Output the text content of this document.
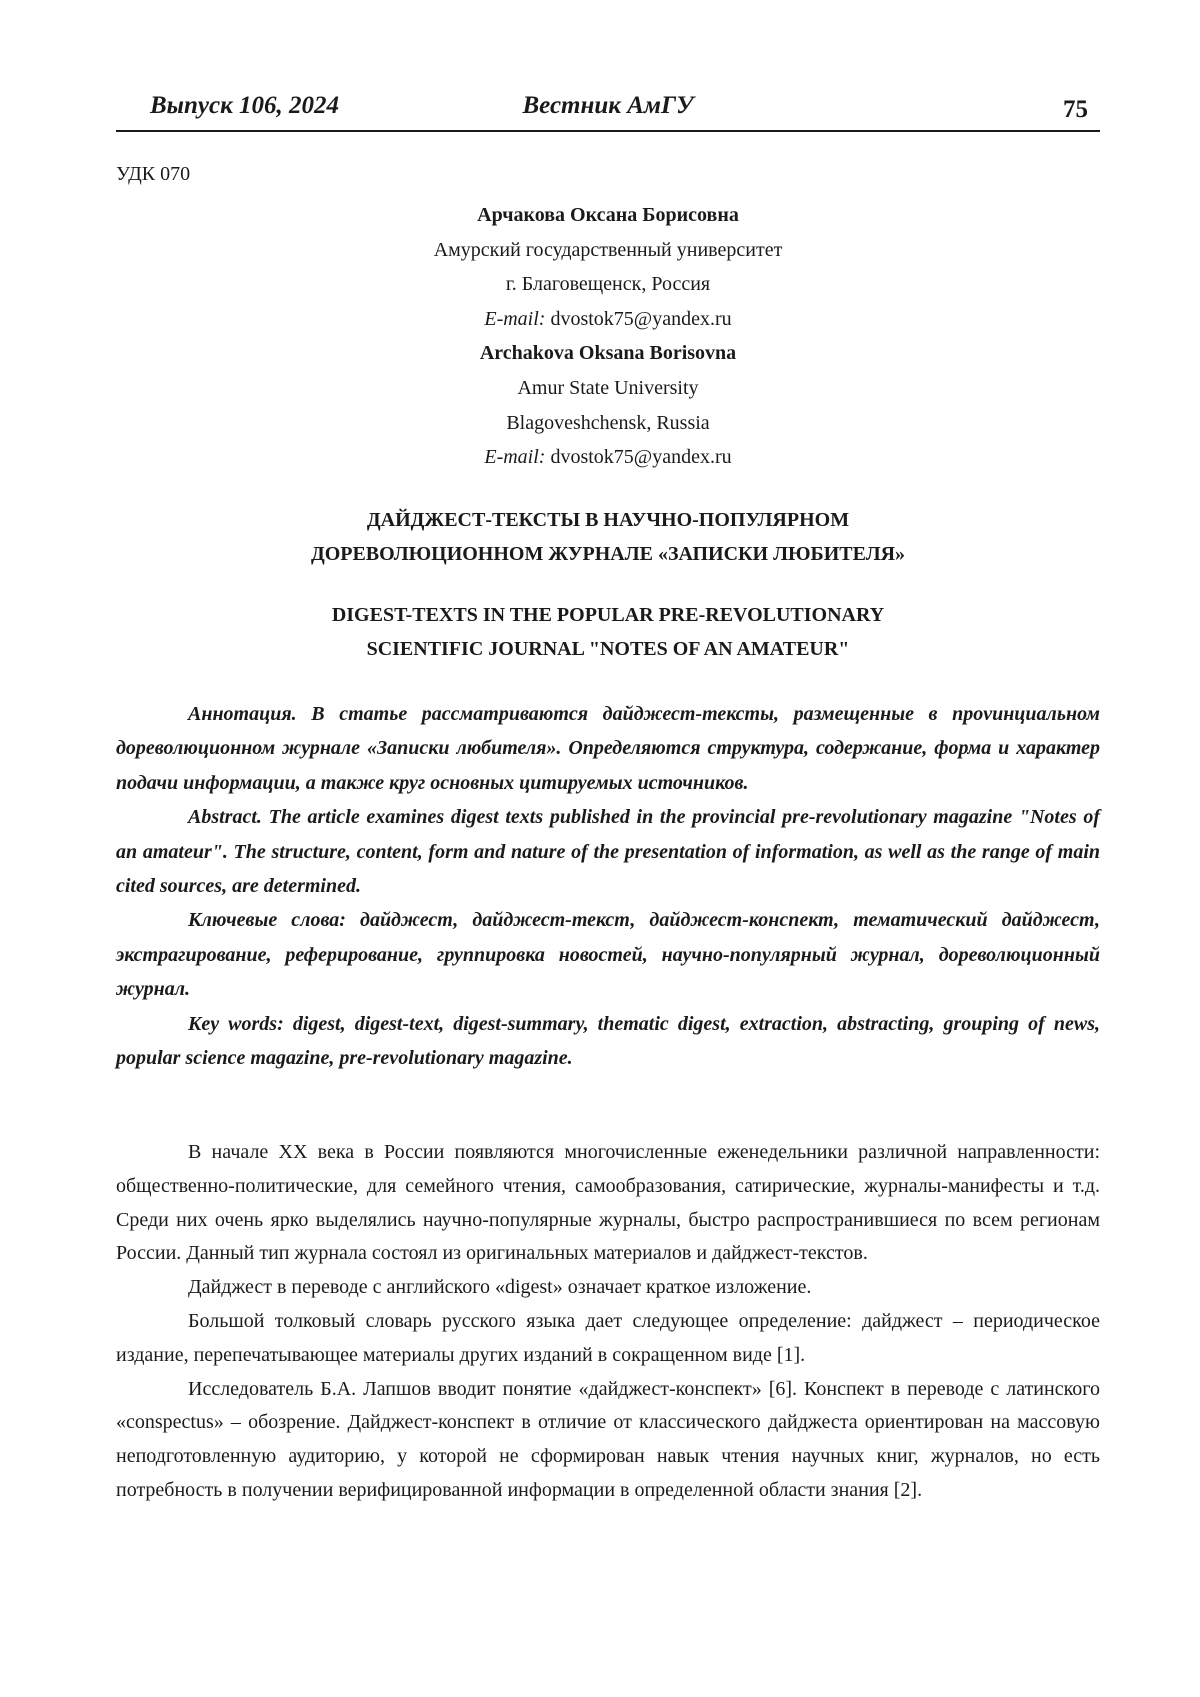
Выпуск 106, 2024	Вестник АмГУ	75
УДК 070
Арчакова Оксана Борисовна
Амурский государственный университет
г. Благовещенск, Россия
E-mail: dvostok75@yandex.ru
Archakova Oksana Borisovna
Amur State University
Blagoveshchensk, Russia
E-mail: dvostok75@yandex.ru
ДАЙДЖЕСТ-ТЕКСТЫ В НАУЧНО-ПОПУЛЯРНОМ
ДОРЕВОЛЮЦИОННОМ ЖУРНАЛЕ «ЗАПИСКИ ЛЮБИТЕЛЯ»
DIGEST-TEXTS IN THE POPULAR PRE-REVOLUTIONARY
SCIENTIFIC JOURNAL "NOTES OF AN AMATEUR"

Аннотация. В статье рассматриваются дайджест-тексты, размещенные в проvинциальном дореволюционном журнале «Записки любителя». Определяются структура, содержание, форма и характер подачи информации, а также круг основных цитируемых источников.

Abstract. The article examines digest texts published in the provincial pre-revolutionary magazine "Notes of an amateur". The structure, content, form and nature of the presentation of information, as well as the range of main cited sources, are determined.

Ключевые слова: дайджест, дайджест-текст, дайджест-конспект, тематический дайджест, экстрагирование, реферирование, группировка новостей, научно-популярный журнал, дореволюционный журнал.

Key words: digest, digest-text, digest-summary, thematic digest, extraction, abstracting, grouping of news, popular science magazine, pre-revolutionary magazine.

В начале XX века в России появляются многочисленные еженедельники различной направленности: общественно-политические, для семейного чтения, самообразования, сатирические, журналы-манифесты и т.д. Среди них очень ярко выделялись научно-популярные журналы, быстро распространившиеся по всем регионам России. Данный тип журнала состоял из оригинальных материалов и дайджест-текстов.

Дайджест в переводе с английского «digest» означает краткое изложение.

Большой толковый словарь русского языка дает следующее определение: дайджест – периодическое издание, перепечатывающее материалы других изданий в сокращенном виде [1].

Исследователь Б.А. Лапшов вводит понятие «дайджест-конспект» [6]. Конспект в переводе с латинского «conspectus» – обозрение. Дайджест-конспект в отличие от классического дайджеста ориентирован на массовую неподготовленную аудиторию, у которой не сформирован навык чтения научных книг, журналов, но есть потребность в получении верифицированной информации в определенной области знания [2].
